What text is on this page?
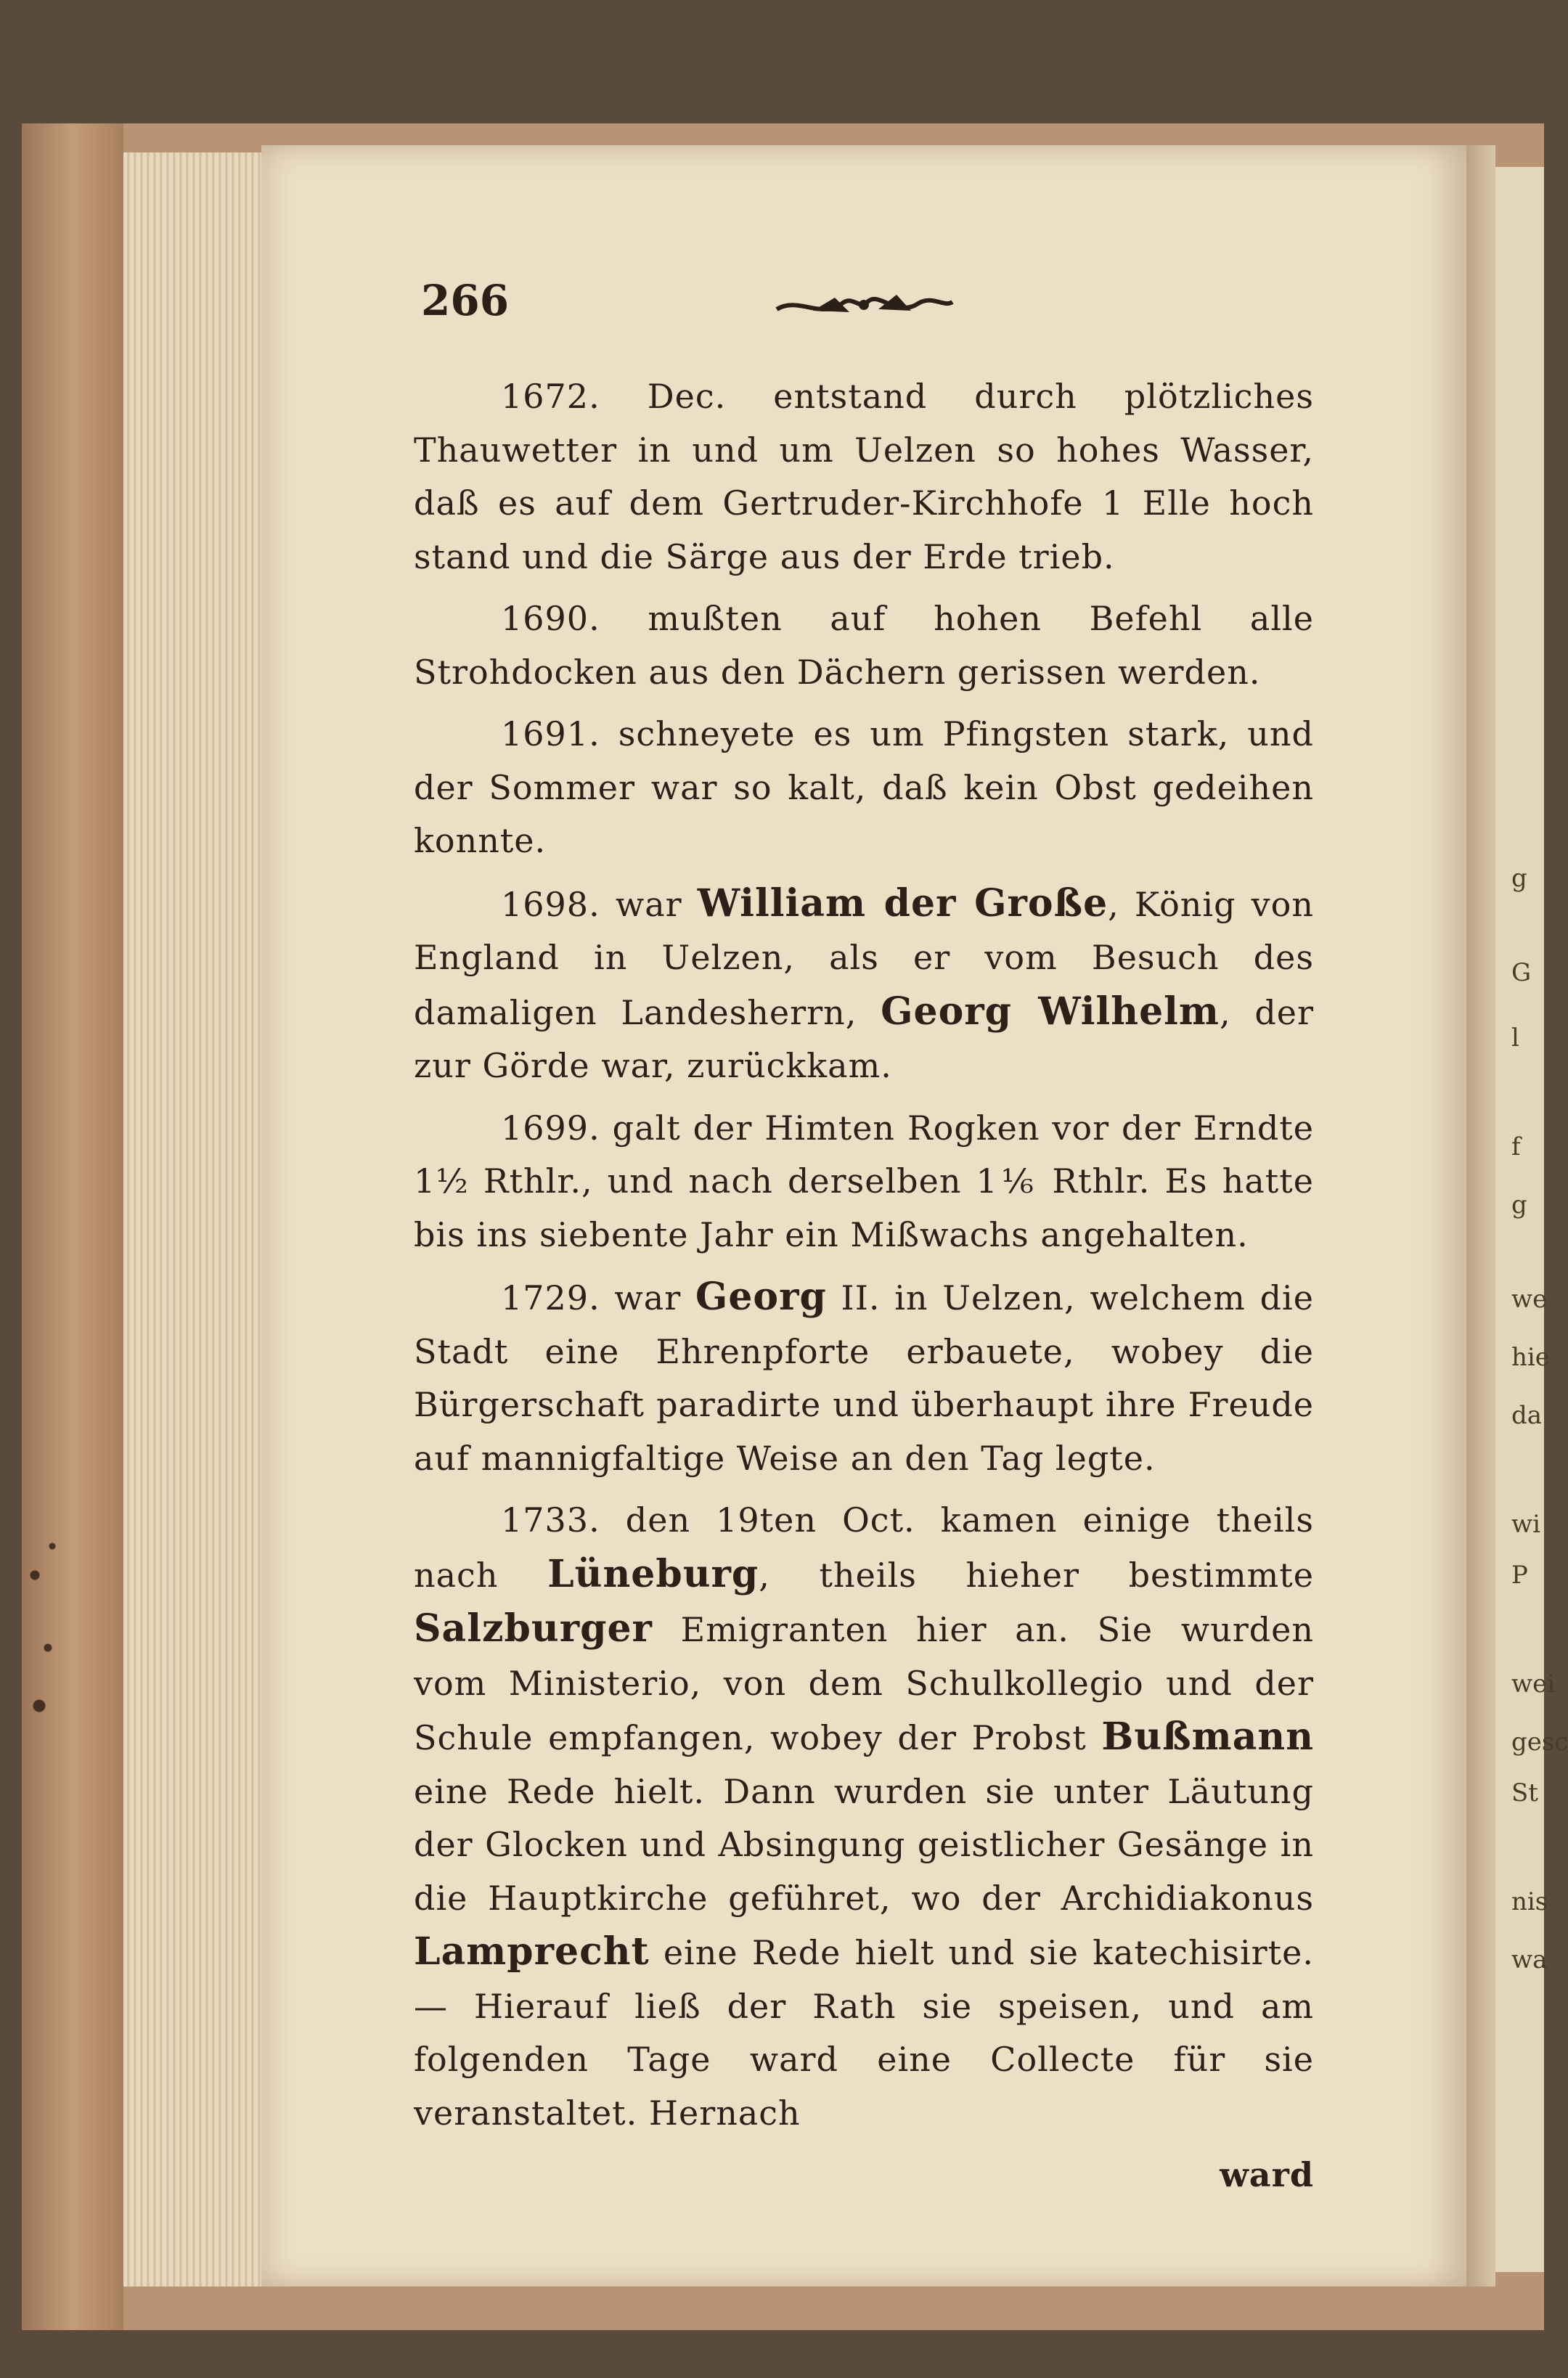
g
G
l
f
g
we
hie
da
wi
P
wei
gesc
St
nis
wa
266

1672. Dec. entstand durch plötzliches Thauwetter in und um Uelzen so hohes Wasser, daß es auf dem Gertruder-Kirchhofe 1 Elle hoch stand und die Särge aus der Erde trieb.

1690. mußten auf hohen Befehl alle Strohdocken aus den Dächern gerissen werden.

1691. schneyete es um Pfingsten stark, und der Sommer war so kalt, daß kein Obst gedeihen konnte.

1698. war William der Große, König von England in Uelzen, als er vom Besuch des damaligen Landesherrn, Georg Wilhelm, der zur Görde war, zurückkam.

1699. galt der Himten Rogken vor der Erndte 1½ Rthlr., und nach derselben 1⅙ Rthlr. Es hatte bis ins siebente Jahr ein Mißwachs angehalten.

1729. war Georg II. in Uelzen, welchem die Stadt eine Ehrenpforte erbauete, wobey die Bürgerschaft paradirte und überhaupt ihre Freude auf mannigfaltige Weise an den Tag legte.

1733. den 19ten Oct. kamen einige theils nach Lüneburg, theils hieher bestimmte Salzburger Emigranten hier an. Sie wurden vom Ministerio, von dem Schulkollegio und der Schule empfangen, wobey der Probst Bußmann eine Rede hielt. Dann wurden sie unter Läutung der Glocken und Absingung geistlicher Gesänge in die Hauptkirche geführet, wo der Archidiakonus Lamprecht eine Rede hielt und sie katechisirte. — Hierauf ließ der Rath sie speisen, und am folgenden Tage ward eine Collecte für sie veranstaltet. Hernach

ward
